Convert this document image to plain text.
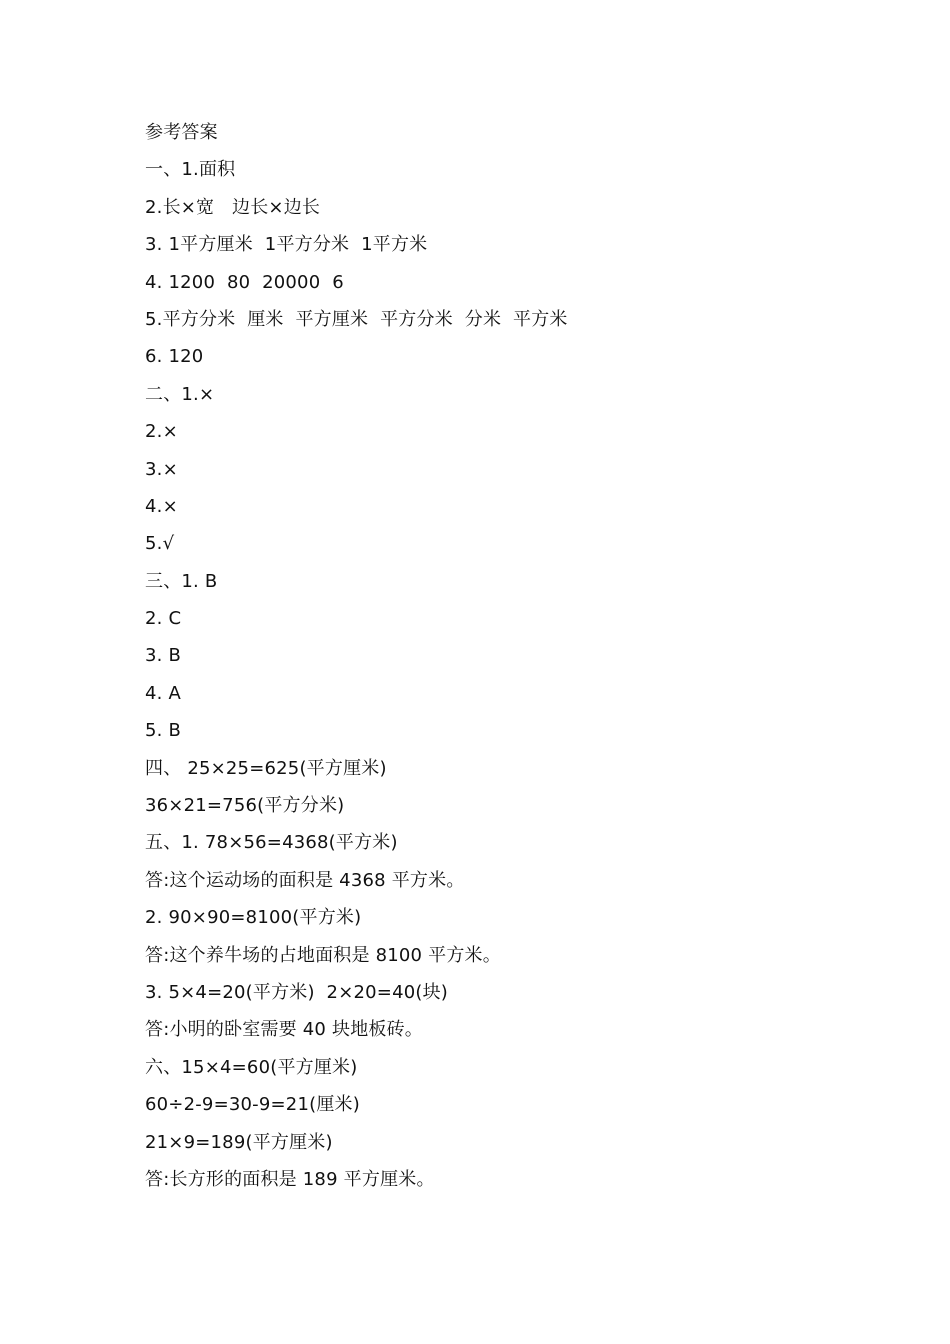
参考答案
一、1.面积
2.长×宽   边长×边长
3. 1平方厘米  1平方分米  1平方米
4. 1200  80  20000  6
5.平方分米  厘米  平方厘米  平方分米  分米  平方米
6. 120
二、1.×
2.×
3.×
4.×
5.√
三、1. B
2. C
3. B
4. A
5. B
四、 25×25=625(平方厘米)
36×21=756(平方分米)
五、1. 78×56=4368(平方米)
答:这个运动场的面积是 4368 平方米。
2. 90×90=8100(平方米)
答:这个养牛场的占地面积是 8100 平方米。
3. 5×4=20(平方米)  2×20=40(块)
答:小明的卧室需要 40 块地板砖。
六、15×4=60(平方厘米)
60÷2-9=30-9=21(厘米)
21×9=189(平方厘米)
答:长方形的面积是 189 平方厘米。
